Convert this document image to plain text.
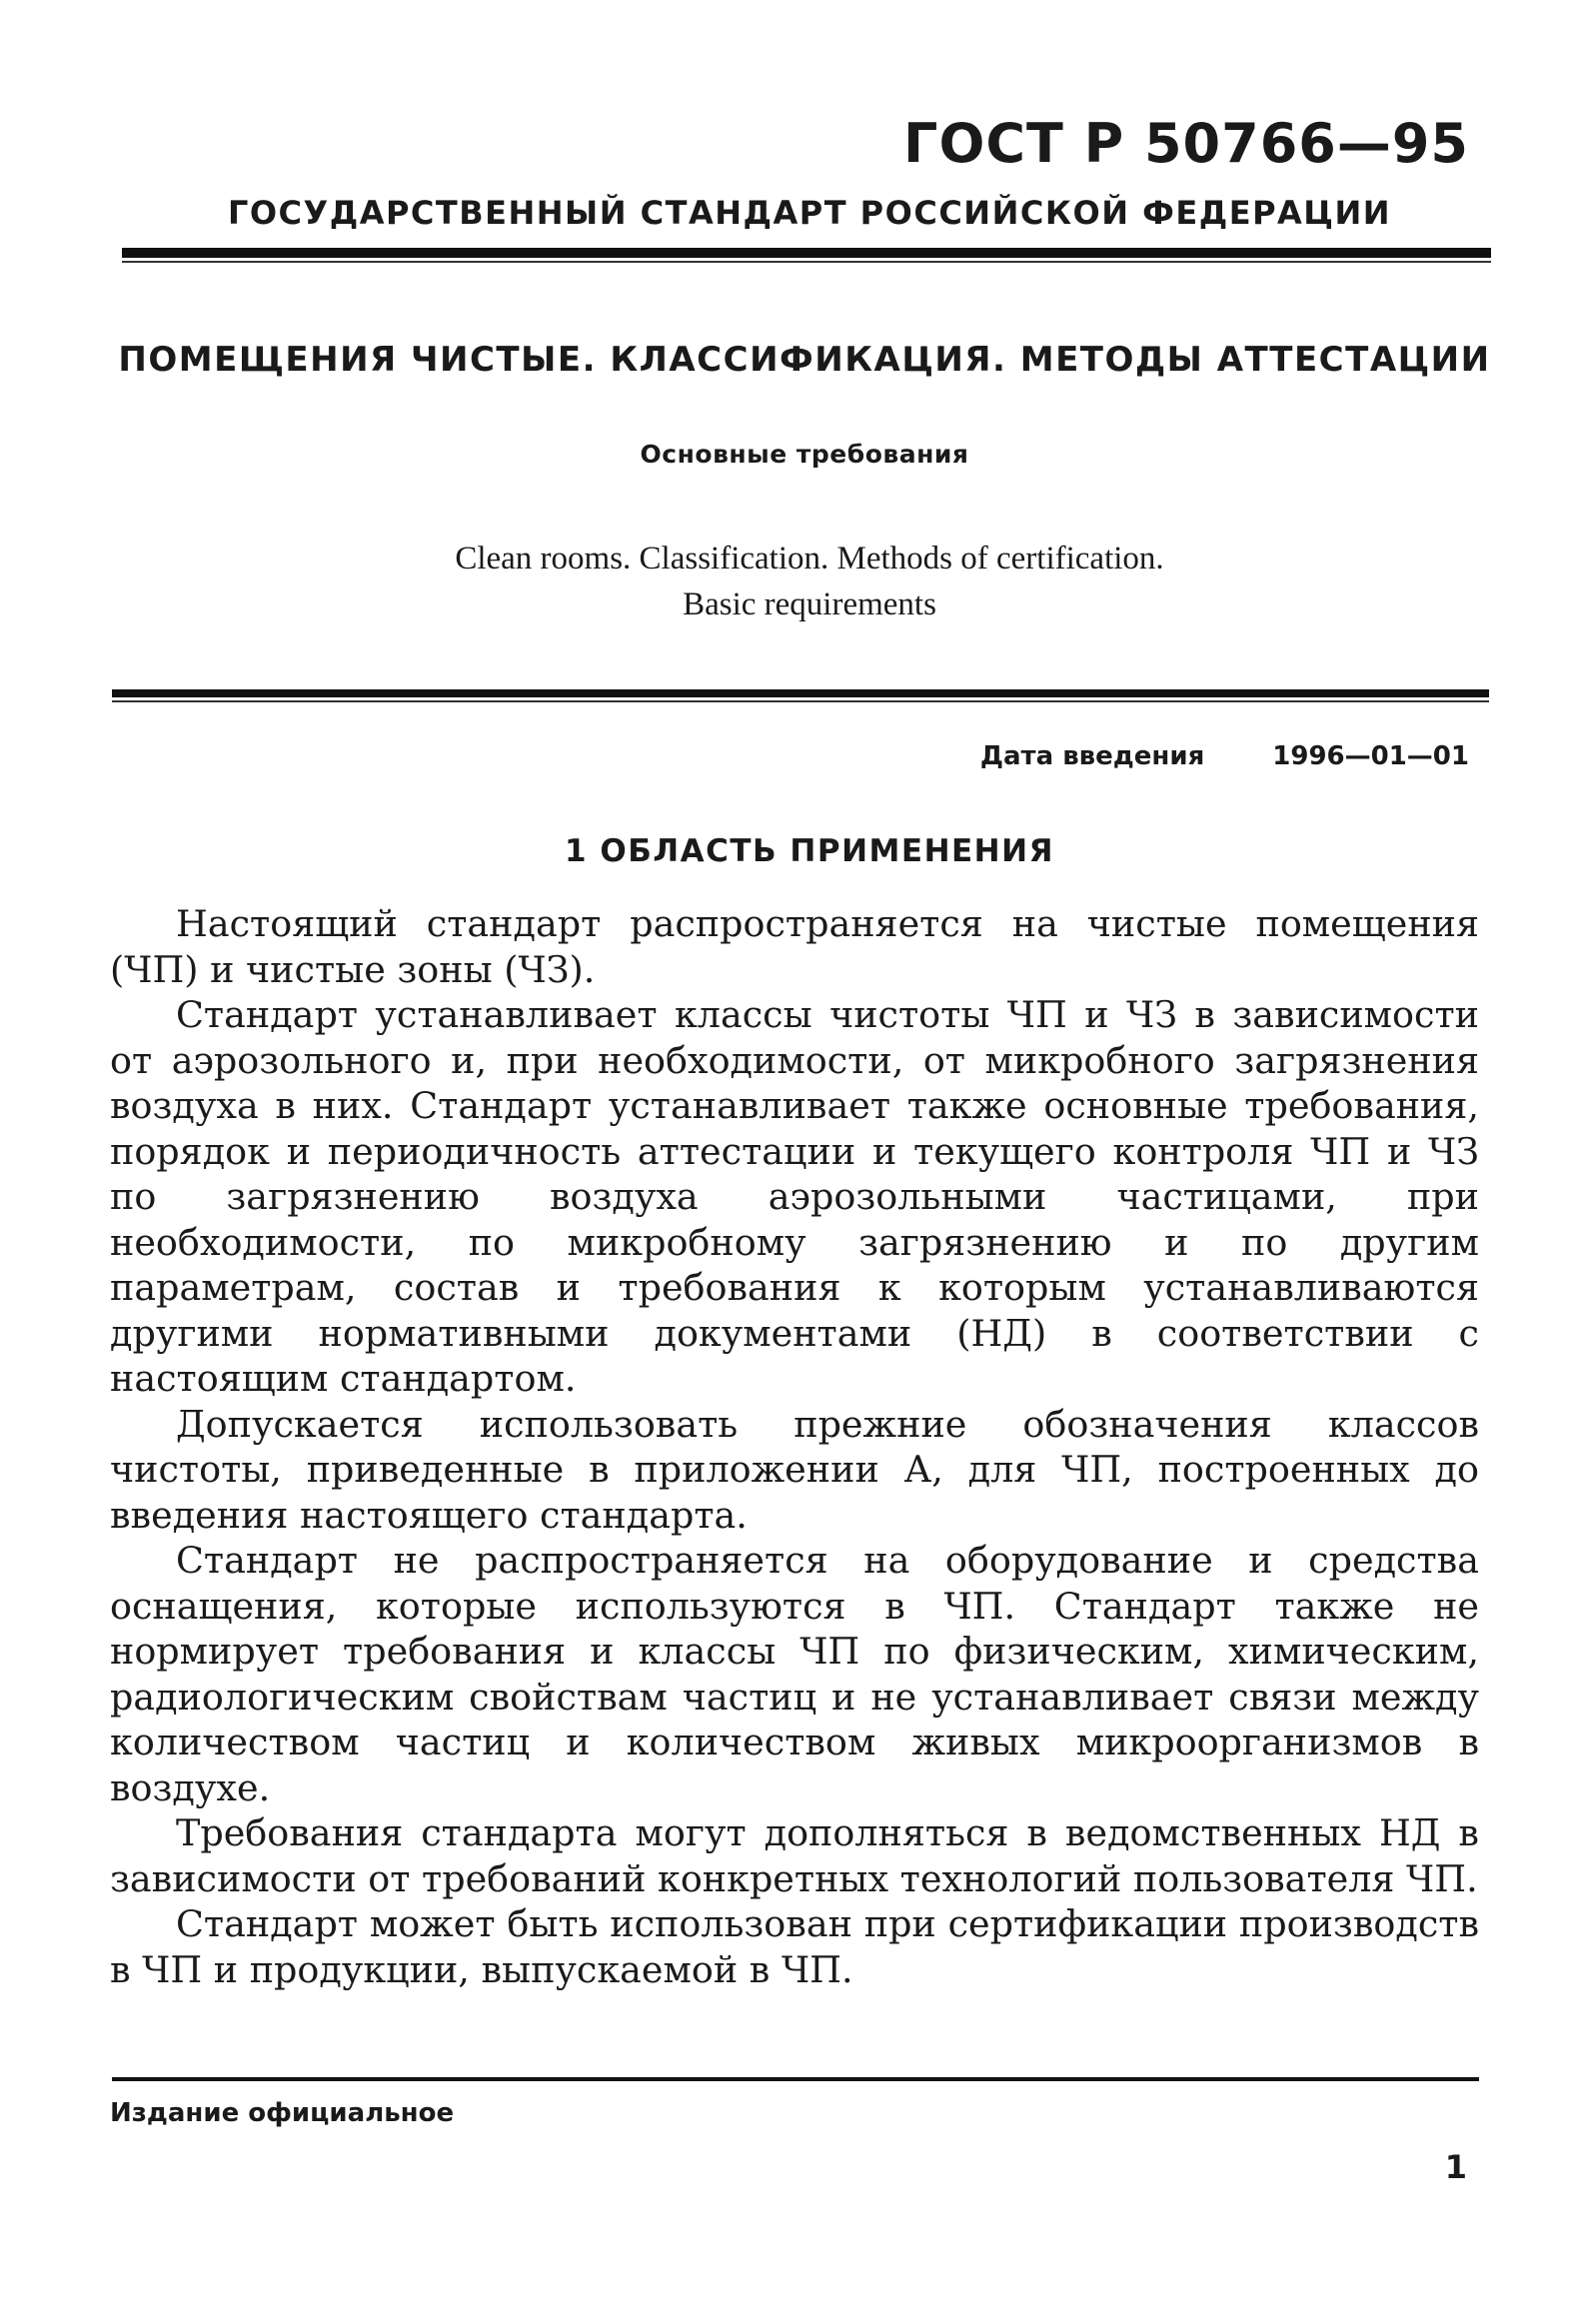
ГОСТ Р 50766—95
ГОСУДАРСТВЕННЫЙ СТАНДАРТ РОССИЙСКОЙ ФЕДЕРАЦИИ
ПОМЕЩЕНИЯ ЧИСТЫЕ. КЛАССИФИКАЦИЯ. МЕТОДЫ АТТЕСТАЦИИ
Основные требования
Clean rooms. Classification. Methods of certification.
Basic requirements
Дата введения	1996—01—01
1 ОБЛАСТЬ ПРИМЕНЕНИЯ

Настоящий стандарт распространяется на чистые помещения (ЧП) и чистые зоны (ЧЗ).

Стандарт устанавливает классы чистоты ЧП и ЧЗ в зависимости от аэрозольного и, при необходимости, от микробного загрязнения воздуха в них. Стандарт устанавливает также основные требования, порядок и периодичность аттестации и текущего контроля ЧП и ЧЗ по загрязнению воздуха аэрозольными частицами, при необходимости, по микробному загрязнению и по другим параметрам, состав и требования к которым устанавливаются другими нормативными документами (НД) в соответствии с настоящим стандартом.

Допускается использовать прежние обозначения классов чистоты, приведенные в приложении А, для ЧП, построенных до введения настоящего стандарта.

Стандарт не распространяется на оборудование и средства оснащения, которые используются в ЧП. Стандарт также не нормирует требования и классы ЧП по физическим, химическим, радиологическим свойствам частиц и не устанавливает связи между количеством частиц и количеством живых микроорганизмов в воздухе.

Требования стандарта могут дополняться в ведомственных НД в зависимости от требований конкретных технологий пользователя ЧП.

Стандарт может быть использован при сертификации производств в ЧП и продукции, выпускаемой в ЧП.

Издание официальное
1
